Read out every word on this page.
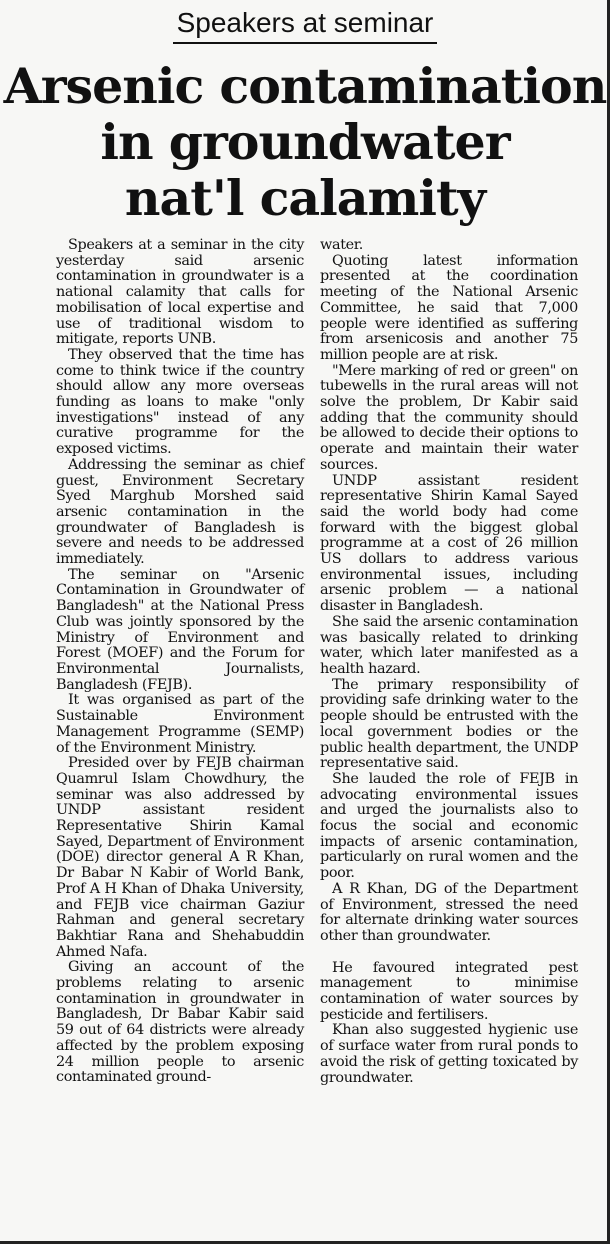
Speakers at seminar
Arsenic contamination
in groundwater
nat'l calamity

Speakers at a seminar in the city yesterday said arsenic contamination in groundwater is a national calamity that calls for mobilisation of local expertise and use of traditional wisdom to mitigate, reports UNB.

They observed that the time has come to think twice if the country should allow any more overseas funding as loans to make "only investigations" instead of any curative programme for the exposed victims.

Addressing the seminar as chief guest, Environment Secretary Syed Marghub Morshed said arsenic contamination in the groundwater of Bangladesh is severe and needs to be addressed immediately.

The seminar on "Arsenic Contamination in Groundwater of Bangladesh" at the National Press Club was jointly sponsored by the Ministry of Environment and Forest (MOEF) and the Forum for Environmental Journalists, Bangladesh (FEJB).

It was organised as part of the Sustainable Environment Management Programme (SEMP) of the Environment Ministry.

Presided over by FEJB chairman Quamrul Islam Chowdhury, the seminar was also addressed by UNDP assistant resident Representative Shirin Kamal Sayed, Department of Environment (DOE) director general A R Khan, Dr Babar N Kabir of World Bank, Prof A H Khan of Dhaka University, and FEJB vice chairman Gaziur Rahman and general secretary Bakhtiar Rana and Shehabuddin Ahmed Nafa.

Giving an account of the problems relating to arsenic contamination in groundwater in Bangladesh, Dr Babar Kabir said 59 out of 64 districts were already affected by the problem exposing 24 million people to arsenic contaminated ground-

water.

Quoting latest information presented at the coordination meeting of the National Arsenic Committee, he said that 7,000 people were identified as suffering from arsenicosis and another 75 million people are at risk.

"Mere marking of red or green" on tubewells in the rural areas will not solve the problem, Dr Kabir said adding that the community should be allowed to decide their options to operate and maintain their water sources.

UNDP assistant resident representative Shirin Kamal Sayed said the world body had come forward with the biggest global programme at a cost of 26 million US dollars to address various environmental issues, including arsenic problem — a national disaster in Bangladesh.

She said the arsenic contamination was basically related to drinking water, which later manifested as a health hazard.

The primary responsibility of providing safe drinking water to the people should be entrusted with the local government bodies or the public health department, the UNDP representative said.

She lauded the role of FEJB in advocating environmental issues and urged the journalists also to focus the social and economic impacts of arsenic contamination, particularly on rural women and the poor.

A R Khan, DG of the Department of Environment, stressed the need for alternate drinking water sources other than groundwater.

He favoured integrated pest management to minimise contamination of water sources by pesticide and fertilisers.

Khan also suggested hygienic use of surface water from rural ponds to avoid the risk of getting toxicated by groundwater.
